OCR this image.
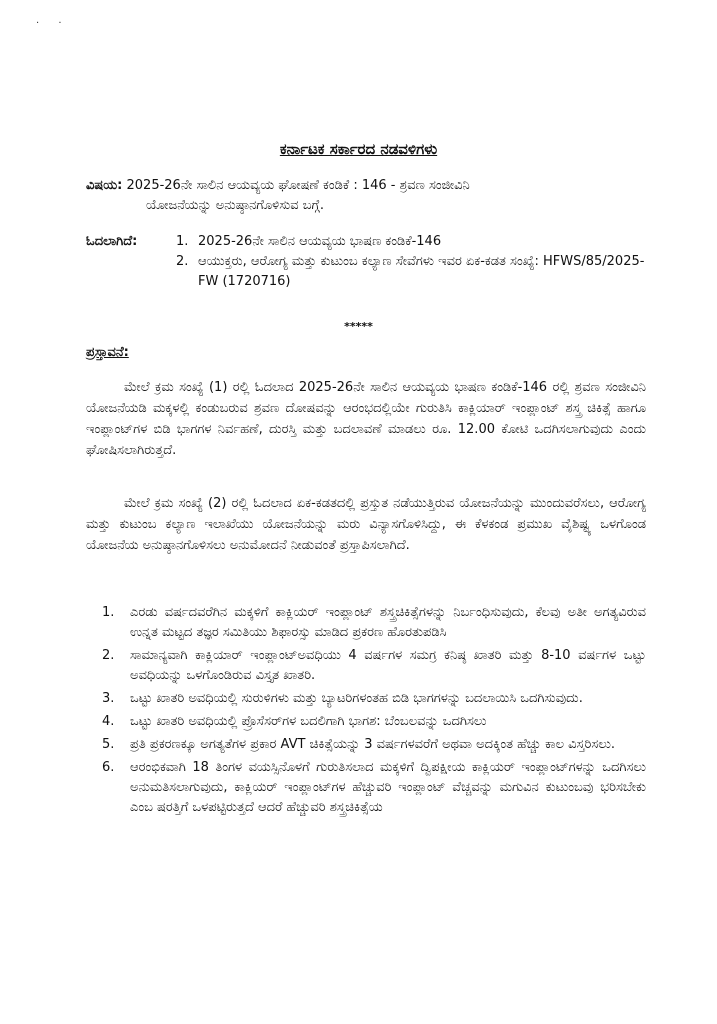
· ·
ಕರ್ನಾಟಕ ಸರ್ಕಾರದ ನಡವಳಿಗಳು
ವಿಷಯ: 2025-26ನೇ ಸಾಲಿನ ಆಯವ್ಯಯ ಘೋಷಣೆ ಕಂಡಿಕೆ : 146 - ಶ್ರವಣ ಸಂಜೀವಿನಿ
ಯೋಜನೆಯನ್ನು ಅನುಷ್ಠಾನಗೊಳಿಸುವ ಬಗ್ಗೆ.
ಓದಲಾಗಿದೆ:	1. 2025-26ನೇ ಸಾಲಿನ ಆಯವ್ಯಯ ಭಾಷಣ ಕಂಡಿಕೆ-146
2. ಆಯುಕ್ತರು, ಆರೋಗ್ಯ ಮತ್ತು ಕುಟುಂಬ ಕಲ್ಯಾಣ ಸೇವೆಗಳು ಇವರ ಏಕ-ಕಡತ ಸಂಖ್ಯೆ: HFWS/85/2025-FW (1720716)
*****
ಪ್ರಸ್ತಾವನೆ:
ಮೇಲೆ ಕ್ರಮ ಸಂಖ್ಯೆ (1) ರಲ್ಲಿ ಓದಲಾದ 2025-26ನೇ ಸಾಲಿನ ಆಯವ್ಯಯ ಭಾಷಣ ಕಂಡಿಕೆ-146 ರಲ್ಲಿ ಶ್ರವಣ ಸಂಜೀವಿನಿ ಯೋಜನೆಯಡಿ ಮಕ್ಕಳಲ್ಲಿ ಕಂಡುಬರುವ ಶ್ರವಣ ದೋಷವನ್ನು ಆರಂಭದಲ್ಲಿಯೇ ಗುರುತಿಸಿ ಕಾಕ್ಲಿಯಾರ್ ಇಂಪ್ಲಾಂಟ್ ಶಸ್ತ್ರ ಚಿಕಿತ್ಸೆ ಹಾಗೂ ಇಂಪ್ಲಾಂಟ್‌ಗಳ ಬಿಡಿ ಭಾಗಗಳ ನಿರ್ವಹಣೆ, ದುರಸ್ತಿ ಮತ್ತು ಬದಲಾವಣೆ ಮಾಡಲು ರೂ. 12.00 ಕೋಟಿ ಒದಗಿಸಲಾಗುವುದು ಎಂದು ಘೋಷಿಸಲಾಗಿರುತ್ತದೆ.
ಮೇಲೆ ಕ್ರಮ ಸಂಖ್ಯೆ (2) ರಲ್ಲಿ ಓದಲಾದ ಏಕ-ಕಡತದಲ್ಲಿ ಪ್ರಸ್ತುತ ನಡೆಯುತ್ತಿರುವ ಯೋಜನೆಯನ್ನು ಮುಂದುವರೆಸಲು, ಆರೋಗ್ಯ ಮತ್ತು ಕುಟುಂಬ ಕಲ್ಯಾಣ ಇಲಾಖೆಯು ಯೋಜನೆಯನ್ನು ಮರು ವಿನ್ಯಾಸಗೊಳಿಸಿದ್ದು, ಈ ಕೆಳಕಂಡ ಪ್ರಮುಖ ವೈಶಿಷ್ಟ್ಯ ಒಳಗೊಂಡ ಯೋಜನೆಯ ಅನುಷ್ಠಾನಗೊಳಿಸಲು ಅನುಮೋದನೆ ನೀಡುವಂತೆ ಪ್ರಸ್ತಾಪಿಸಲಾಗಿದೆ.
1.	ಎರಡು ವರ್ಷದವರೆಗಿನ ಮಕ್ಕಳಿಗೆ ಕಾಕ್ಲಿಯರ್ ಇಂಪ್ಲಾಂಟ್ ಶಸ್ತ್ರಚಿಕಿತ್ಸೆಗಳನ್ನು ನಿರ್ಬಂಧಿಸುವುದು, ಕೆಲವು ಅತೀ ಅಗತ್ಯವಿರುವ ಉನ್ನತ ಮಟ್ಟದ ತಜ್ಞರ ಸಮಿತಿಯು ಶಿಫಾರಸ್ಸು ಮಾಡಿದ ಪ್ರಕರಣ ಹೊರತುಪಡಿಸಿ
2.	ಸಾಮಾನ್ಯವಾಗಿ ಕಾಕ್ಲಿಯಾರ್ ಇಂಪ್ಲಾಂಟ್‌ಅವಧಿಯು 4 ವರ್ಷಗಳ ಸಮಗ್ರ ಕನಿಷ್ಠ ಖಾತರಿ ಮತ್ತು 8-10 ವರ್ಷಗಳ ಒಟ್ಟು ಅವಧಿಯನ್ನು ಒಳಗೊಂಡಿರುವ ವಿಸ್ತೃತ ಖಾತರಿ.
3.	ಒಟ್ಟು ಖಾತರಿ ಅವಧಿಯಲ್ಲಿ ಸುರುಳಿಗಳು ಮತ್ತು ಬ್ಯಾಟರಿಗಳಂತಹ ಬಿಡಿ ಭಾಗಗಳನ್ನು ಬದಲಾಯಿಸಿ ಒದಗಿಸುವುದು.
4.	ಒಟ್ಟು ಖಾತರಿ ಅವಧಿಯಲ್ಲಿ ಪ್ರೊಸೆಸರ್‌ಗಳ ಬದಲಿಗಾಗಿ ಭಾಗಶ: ಬೆಂಬಲವನ್ನು ಒದಗಿಸಲು
5.	ಪ್ರತಿ ಪ್ರಕರಣಕ್ಕೂ ಅಗತ್ಯತೆಗಳ ಪ್ರಕಾರ AVT ಚಿಕಿತ್ಸೆಯನ್ನು 3 ವರ್ಷಗಳವರೆಗೆ ಅಥವಾ ಅದಕ್ಕಿಂತ ಹೆಚ್ಚು ಕಾಲ ವಿಸ್ತರಿಸಲು.
6.	ಆರಂಭಿಕವಾಗಿ 18 ತಿಂಗಳ ವಯಸ್ಸಿನೊಳಗೆ ಗುರುತಿಸಲಾದ ಮಕ್ಕಳಿಗೆ ದ್ವಿಪಕ್ಷೀಯ ಕಾಕ್ಲಿಯರ್ ಇಂಪ್ಲಾಂಟ್‌ಗಳನ್ನು ಒದಗಿಸಲು ಅನುಮತಿಸಲಾಗುವುದು, ಕಾಕ್ಲಿಯರ್ ಇಂಪ್ಲಾಂಟ್‌ಗಳ ಹೆಚ್ಚುವರಿ ಇಂಪ್ಲಾಂಟ್ ವೆಚ್ಚವನ್ನು ಮಗುವಿನ ಕುಟುಂಬವು ಭರಿಸಬೇಕು ಎಂಬ ಷರತ್ತಿಗೆ ಒಳಪಟ್ಟಿರುತ್ತದೆ ಆದರೆ ಹೆಚ್ಚುವರಿ ಶಸ್ತ್ರಚಿಕಿತ್ಸೆಯ
